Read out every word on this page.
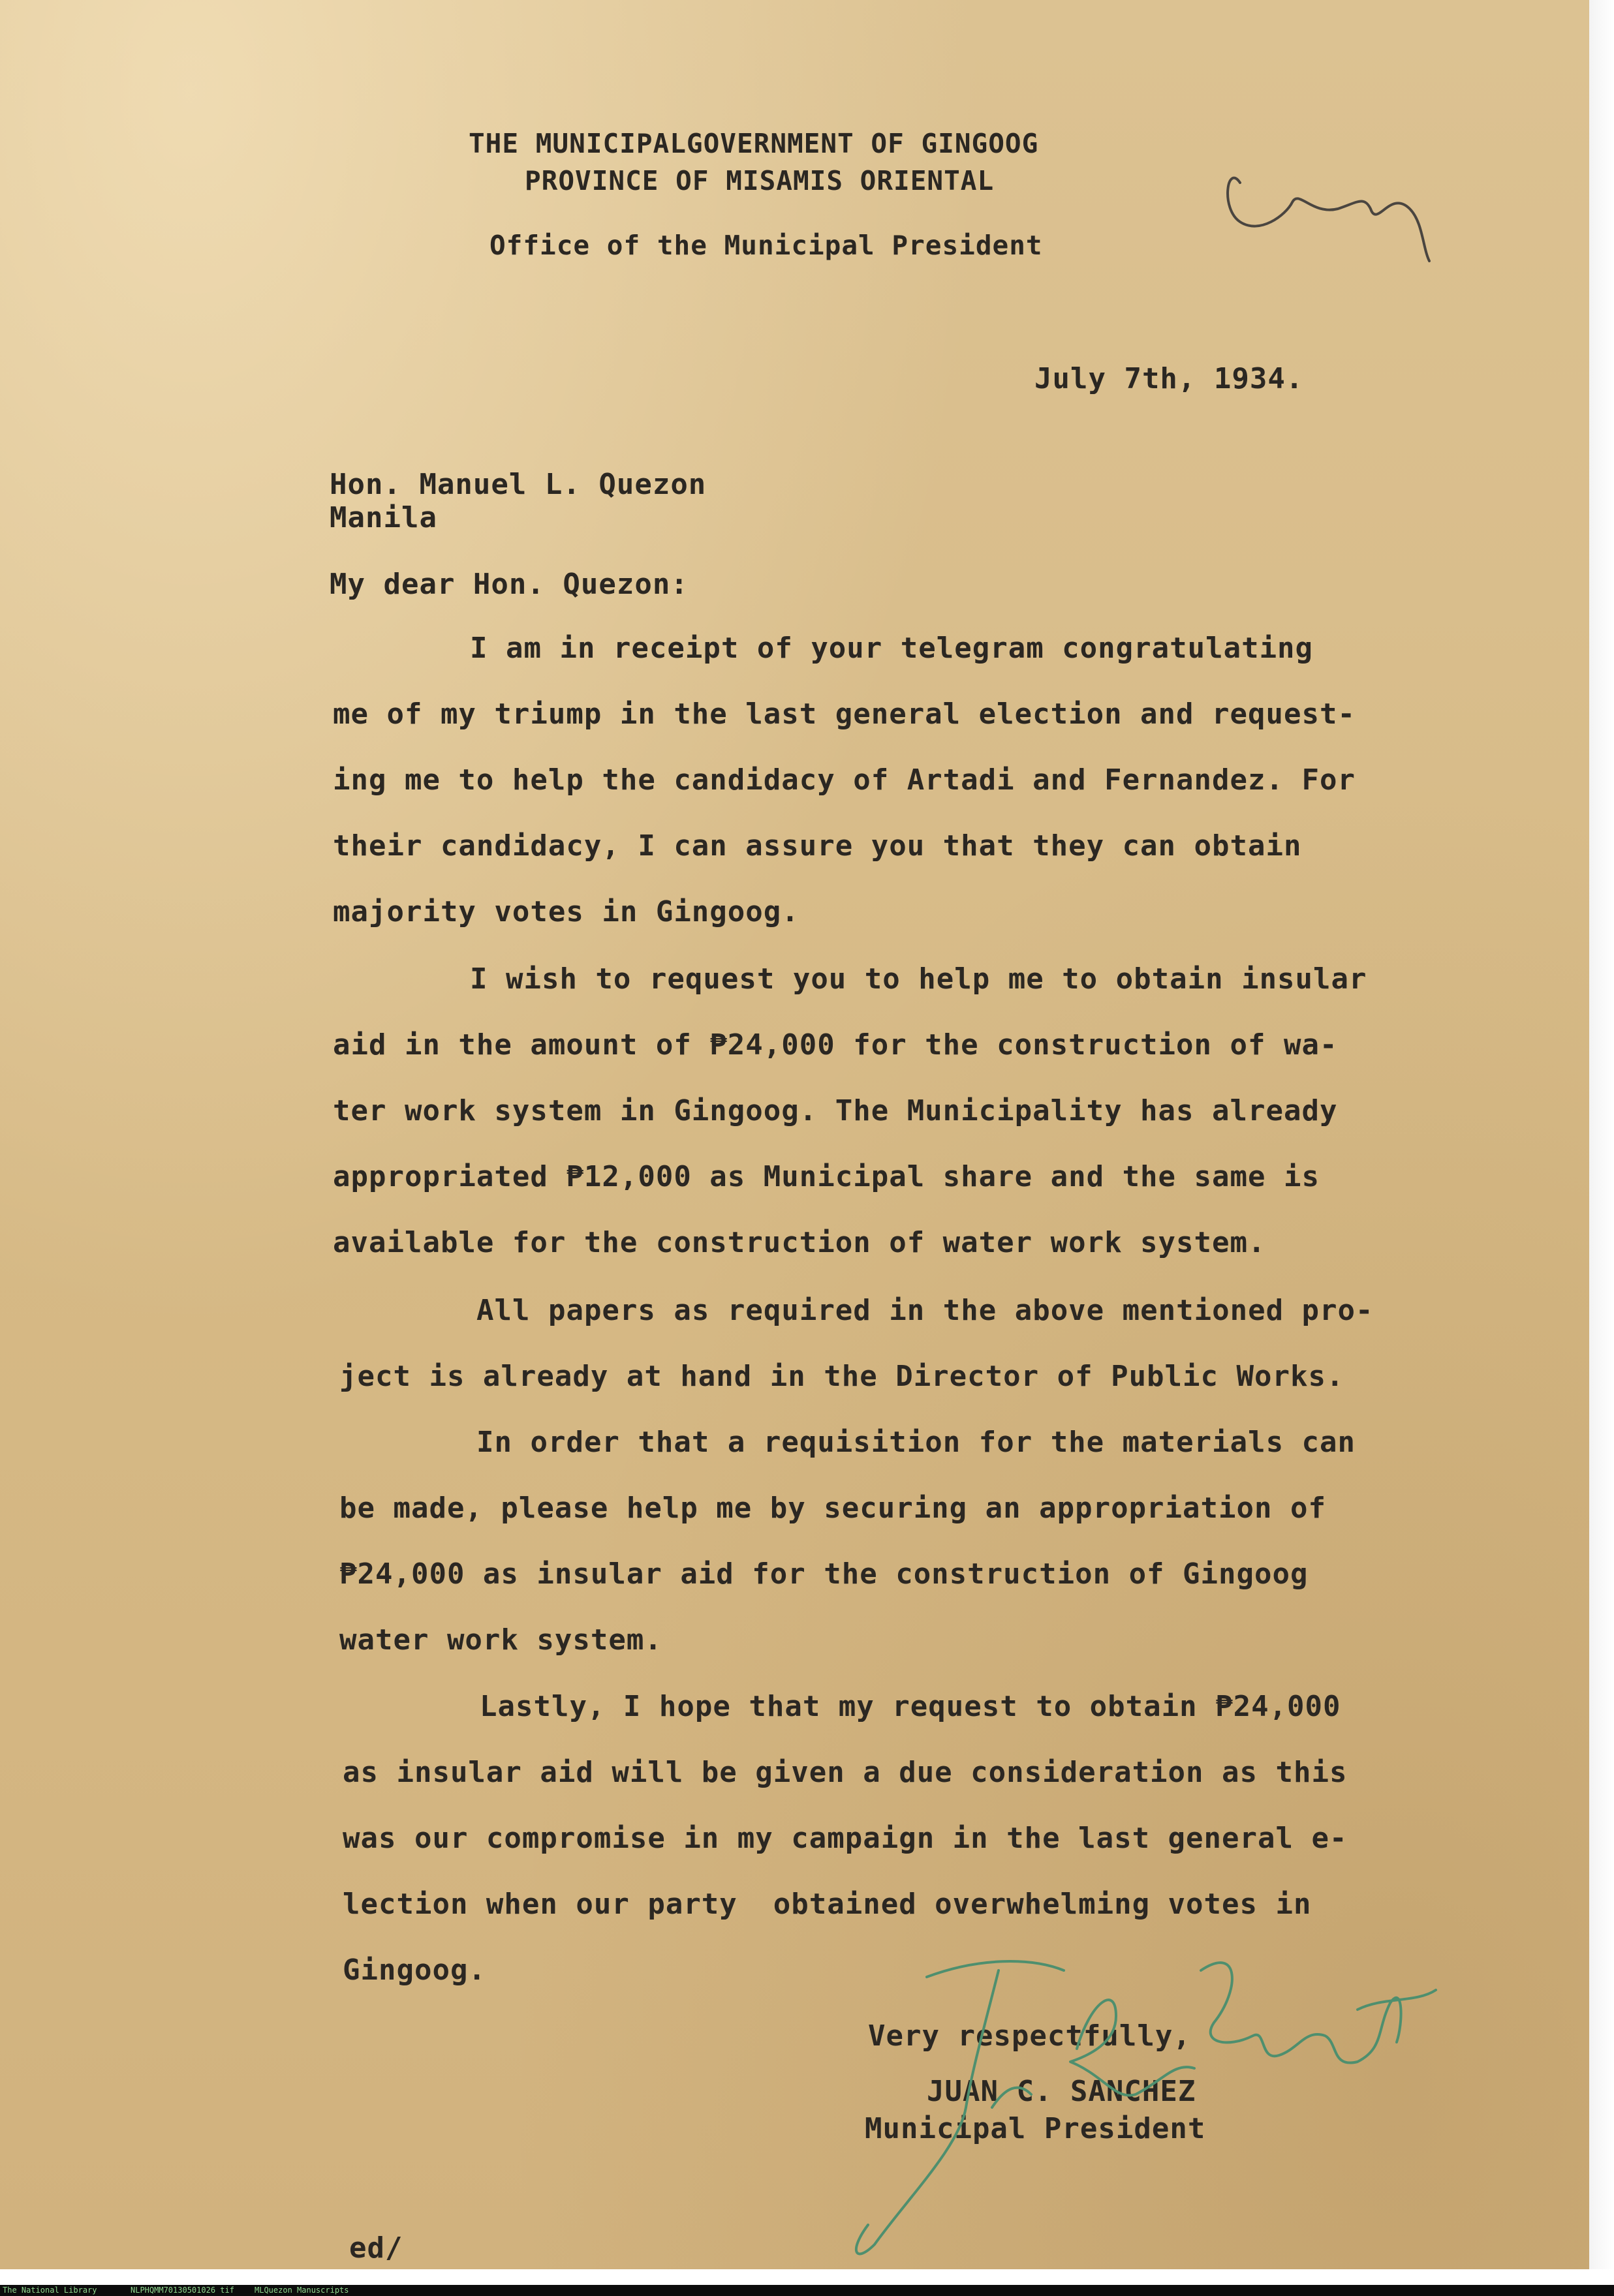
THE MUNICIPALGOVERNMENT OF GINGOOG

PROVINCE OF MISAMIS ORIENTAL

Office of the Municipal President

July 7th, 1934.

Hon. Manuel L. Quezon

Manila

My dear Hon. Quezon:

I am in receipt of your telegram congratulating

me of my triump in the last general election and request-

ing me to help the candidacy of Artadi and Fernandez. For

their candidacy, I can assure you that they can obtain

majority votes in Gingoog.

I wish to request you to help me to obtain insular

aid in the amount of ₱24,000 for the construction of wa-

ter work system in Gingoog. The Municipality has already

appropriated ₱12,000 as Municipal share and the same is

available for the construction of water work system.

All papers as required in the above mentioned pro-

ject is already at hand in the Director of Public Works.

In order that a requisition for the materials can

be made, please help me by securing an appropriation of

₱24,000 as insular aid for the construction of Gingoog

water work system.

Lastly, I hope that my request to obtain ₱24,000

as insular aid will be given a due consideration as this

was our compromise in my campaign in the last general e-

lection when our party  obtained overwhelming votes in

Gingoog.

Very respectfully,

JUAN C. SANCHEZ

Municipal President

ed/

The National Library	NLPHQMM70130501026 tif	MLQuezon Manuscripts
